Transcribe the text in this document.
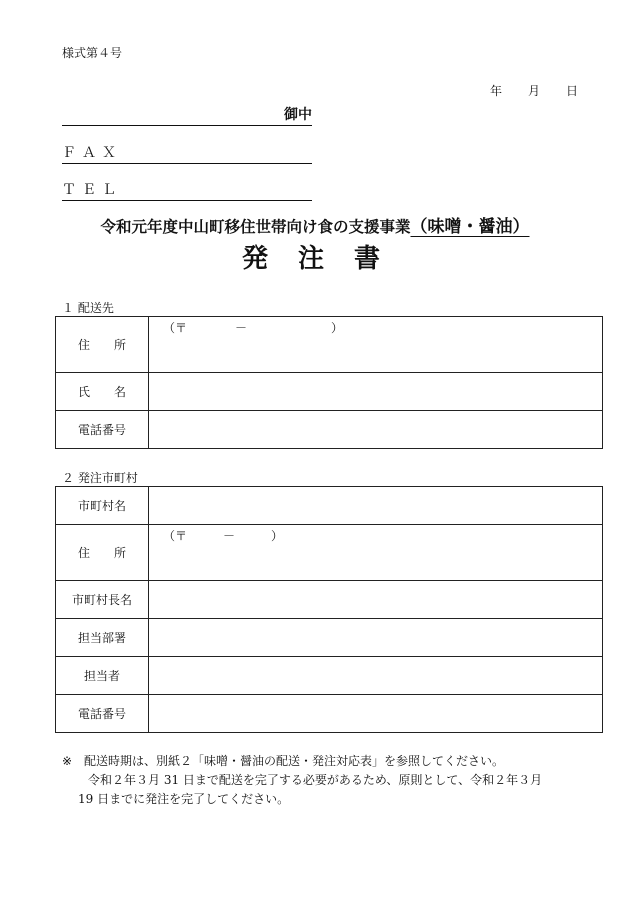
様式第４号
年 月 日
御中
ＦＡＸ
ＴＥＬ
令和元年度中山町移住世帯向け食の支援事業（味噌・醤油）
発注書
１ 配送先
住　　所	（〒　　　　－　　　　　　　）

氏　　名	
電話番号	
２ 発注市町村
市町村名	
住　　所	（〒　　　－　　　）

市町村長名	
担当部署	
担当者	
電話番号	
※ 配送時期は、別紙２「味噌・醤油の配送・発注対応表」を参照してください。
令和２年３月 31 日まで配送を完了する必要があるため、原則として、令和２年３月
19 日までに発注を完了してください。
